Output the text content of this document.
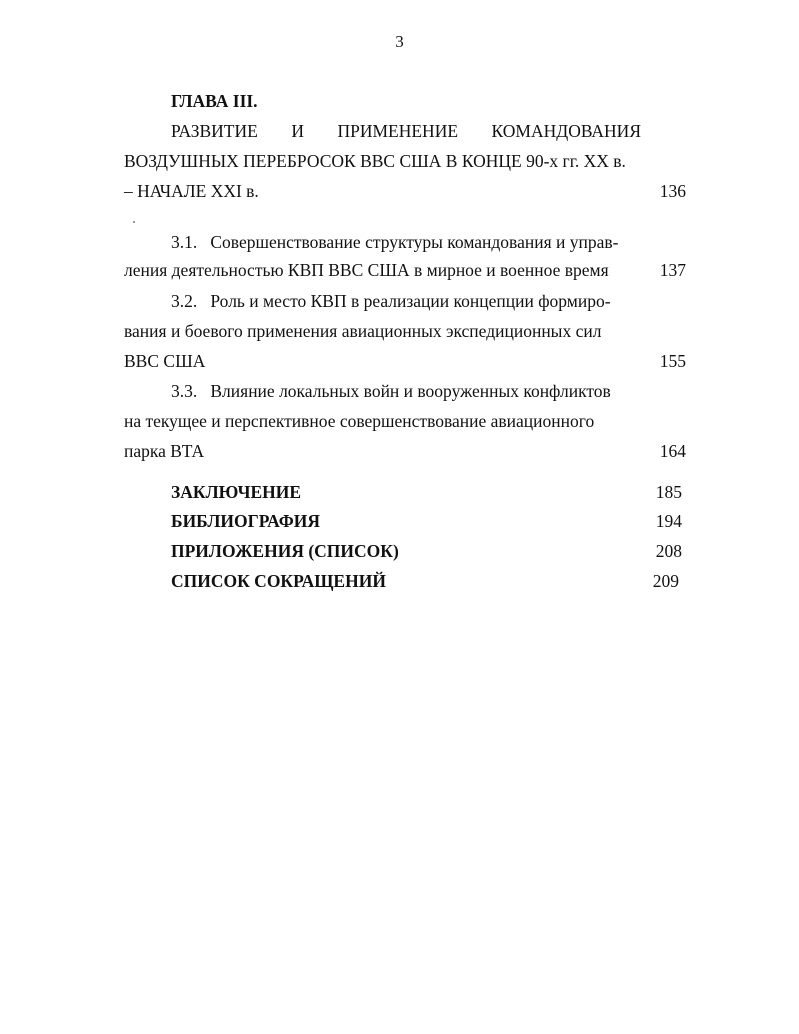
3
ГЛАВА III.
РАЗВИТИЕ И ПРИМЕНЕНИЕ КОМАНДОВАНИЯ
ВОЗДУШНЫХ ПЕРЕБРОСОК ВВС США В КОНЦЕ 90-х гг. XX в.
– НАЧАЛЕ XXI в.	136
3.1.   Совершенствование структуры командования и управ-
ления деятельностью КВП ВВС США в мирное и военное время	137
3.2.   Роль и место КВП в реализации концепции формиро-
вания и боевого применения авиационных экспедиционных сил
ВВС США	155
3.3.   Влияние локальных войн и вооруженных конфликтов
на текущее и перспективное совершенствование авиационного
парка ВТА	164
ЗАКЛЮЧЕНИЕ	185
БИБЛИОГРАФИЯ	194
ПРИЛОЖЕНИЯ (СПИСОК)	208
СПИСОК СОКРАЩЕНИЙ	209
